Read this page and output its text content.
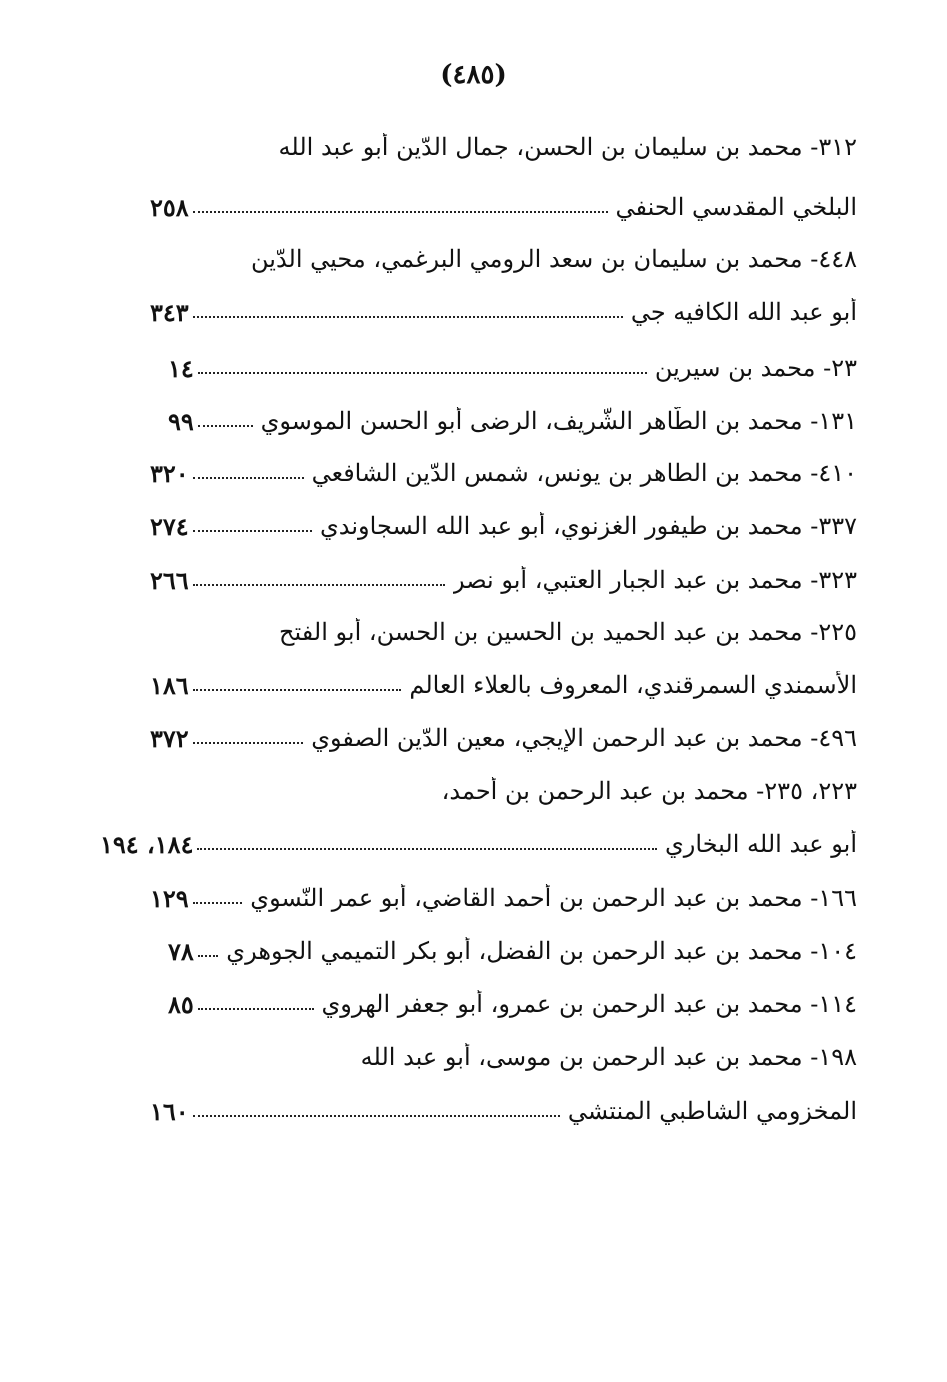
(٤٨٥)
٣١٢- محمد بن سليمان بن الحسن، جمال الدّين أبو عبد الله
البلخي المقدسي الحنفي
٢٥٨
٤٤٨- محمد بن سليمان بن سعد الرومي البرغمي، محيي الدّين
أبو عبد الله الكافيه جي
٣٤٣
٢٣- محمد بن سيرين
١٤
١٣١- محمد بن الطّاهر الشّريف، الرضى أبو الحسن الموسوي
٩٩
٤١٠- محمد بن الطاهر بن يونس، شمس الدّين الشافعي
٣٢٠
٣٣٧- محمد بن طيفور الغزنوي، أبو عبد الله السجاوندي
٢٧٤
٣٢٣- محمد بن عبد الجبار العتبي، أبو نصر
٢٦٦
٢٢٥- محمد بن عبد الحميد بن الحسين بن الحسن، أبو الفتح
الأسمندي السمرقندي، المعروف بالعلاء العالم
١٨٦
٤٩٦- محمد بن عبد الرحمن الإيجي، معين الدّين الصفوي
٣٧٢
٢٢٣، ٢٣٥- محمد بن عبد الرحمن بن أحمد،
أبو عبد الله البخاري
١٨٤، ١٩٤
١٦٦- محمد بن عبد الرحمن بن أحمد القاضي، أبو عمر النّسوي
١٢٩
١٠٤- محمد بن عبد الرحمن بن الفضل، أبو بكر التميمي الجوهري
٧٨
١١٤- محمد بن عبد الرحمن بن عمرو، أبو جعفر الهروي
٨٥
١٩٨- محمد بن عبد الرحمن بن موسى، أبو عبد الله
المخزومي الشاطبي المنتشي
١٦٠
